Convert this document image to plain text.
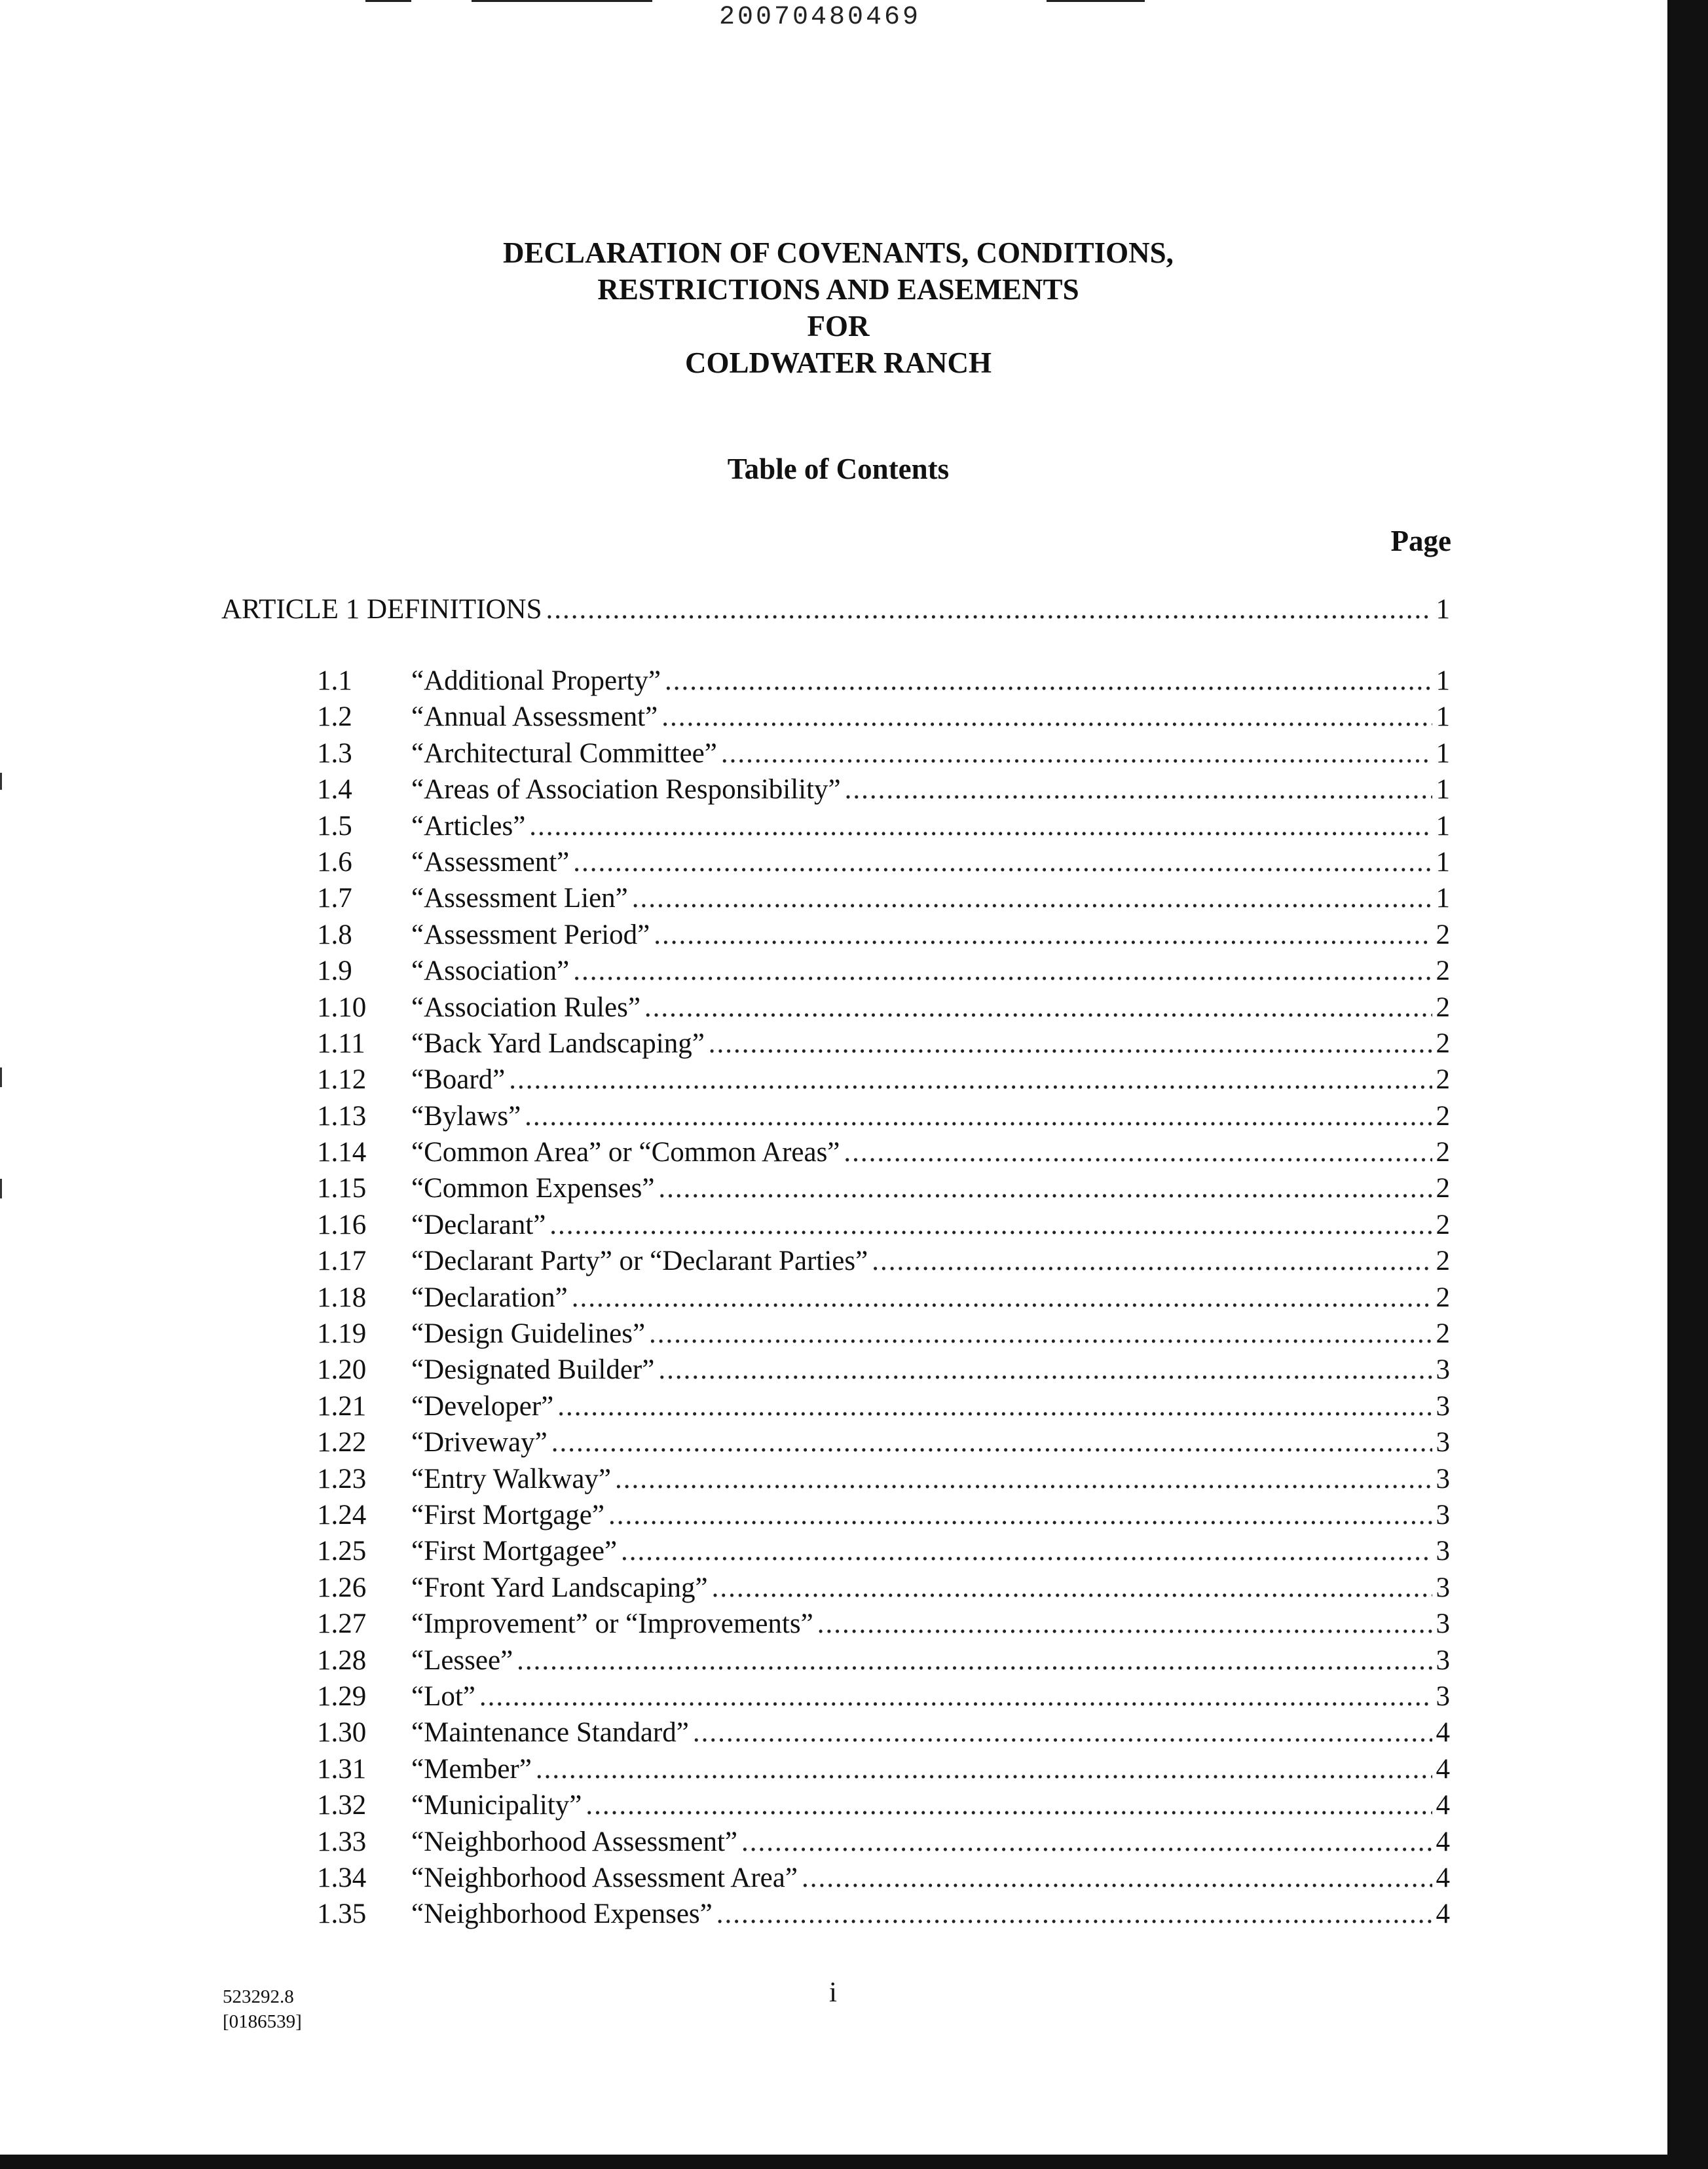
20070480469
DECLARATION OF COVENANTS, CONDITIONS,
RESTRICTIONS AND EASEMENTS
FOR
COLDWATER RANCH
Table of Contents
Page
ARTICLE 1 DEFINITIONS .....	1
1.1	“Additional Property” .....	1
1.2	“Annual Assessment” .....	1
1.3	“Architectural Committee” .....	1
1.4	“Areas of Association Responsibility” .....	1
1.5	“Articles” .....	1
1.6	“Assessment” .....	1
1.7	“Assessment Lien” .....	1
1.8	“Assessment Period” .....	2
1.9	“Association” .....	2
1.10	“Association Rules” .....	2
1.11	“Back Yard Landscaping” .....	2
1.12	“Board” .....	2
1.13	“Bylaws” .....	2
1.14	“Common Area” or “Common Areas” .....	2
1.15	“Common Expenses” .....	2
1.16	“Declarant” .....	2
1.17	“Declarant Party” or “Declarant Parties” .....	2
1.18	“Declaration” .....	2
1.19	“Design Guidelines” .....	2
1.20	“Designated Builder” .....	3
1.21	“Developer” .....	3
1.22	“Driveway” .....	3
1.23	“Entry Walkway” .....	3
1.24	“First Mortgage” .....	3
1.25	“First Mortgagee” .....	3
1.26	“Front Yard Landscaping” .....	3
1.27	“Improvement” or “Improvements” .....	3
1.28	“Lessee” .....	3
1.29	“Lot” .....	3
1.30	“Maintenance Standard” .....	4
1.31	“Member” .....	4
1.32	“Municipality” .....	4
1.33	“Neighborhood Assessment” .....	4
1.34	“Neighborhood Assessment Area” .....	4
1.35	“Neighborhood Expenses” .....	4
523292.8
[0186539]
i
